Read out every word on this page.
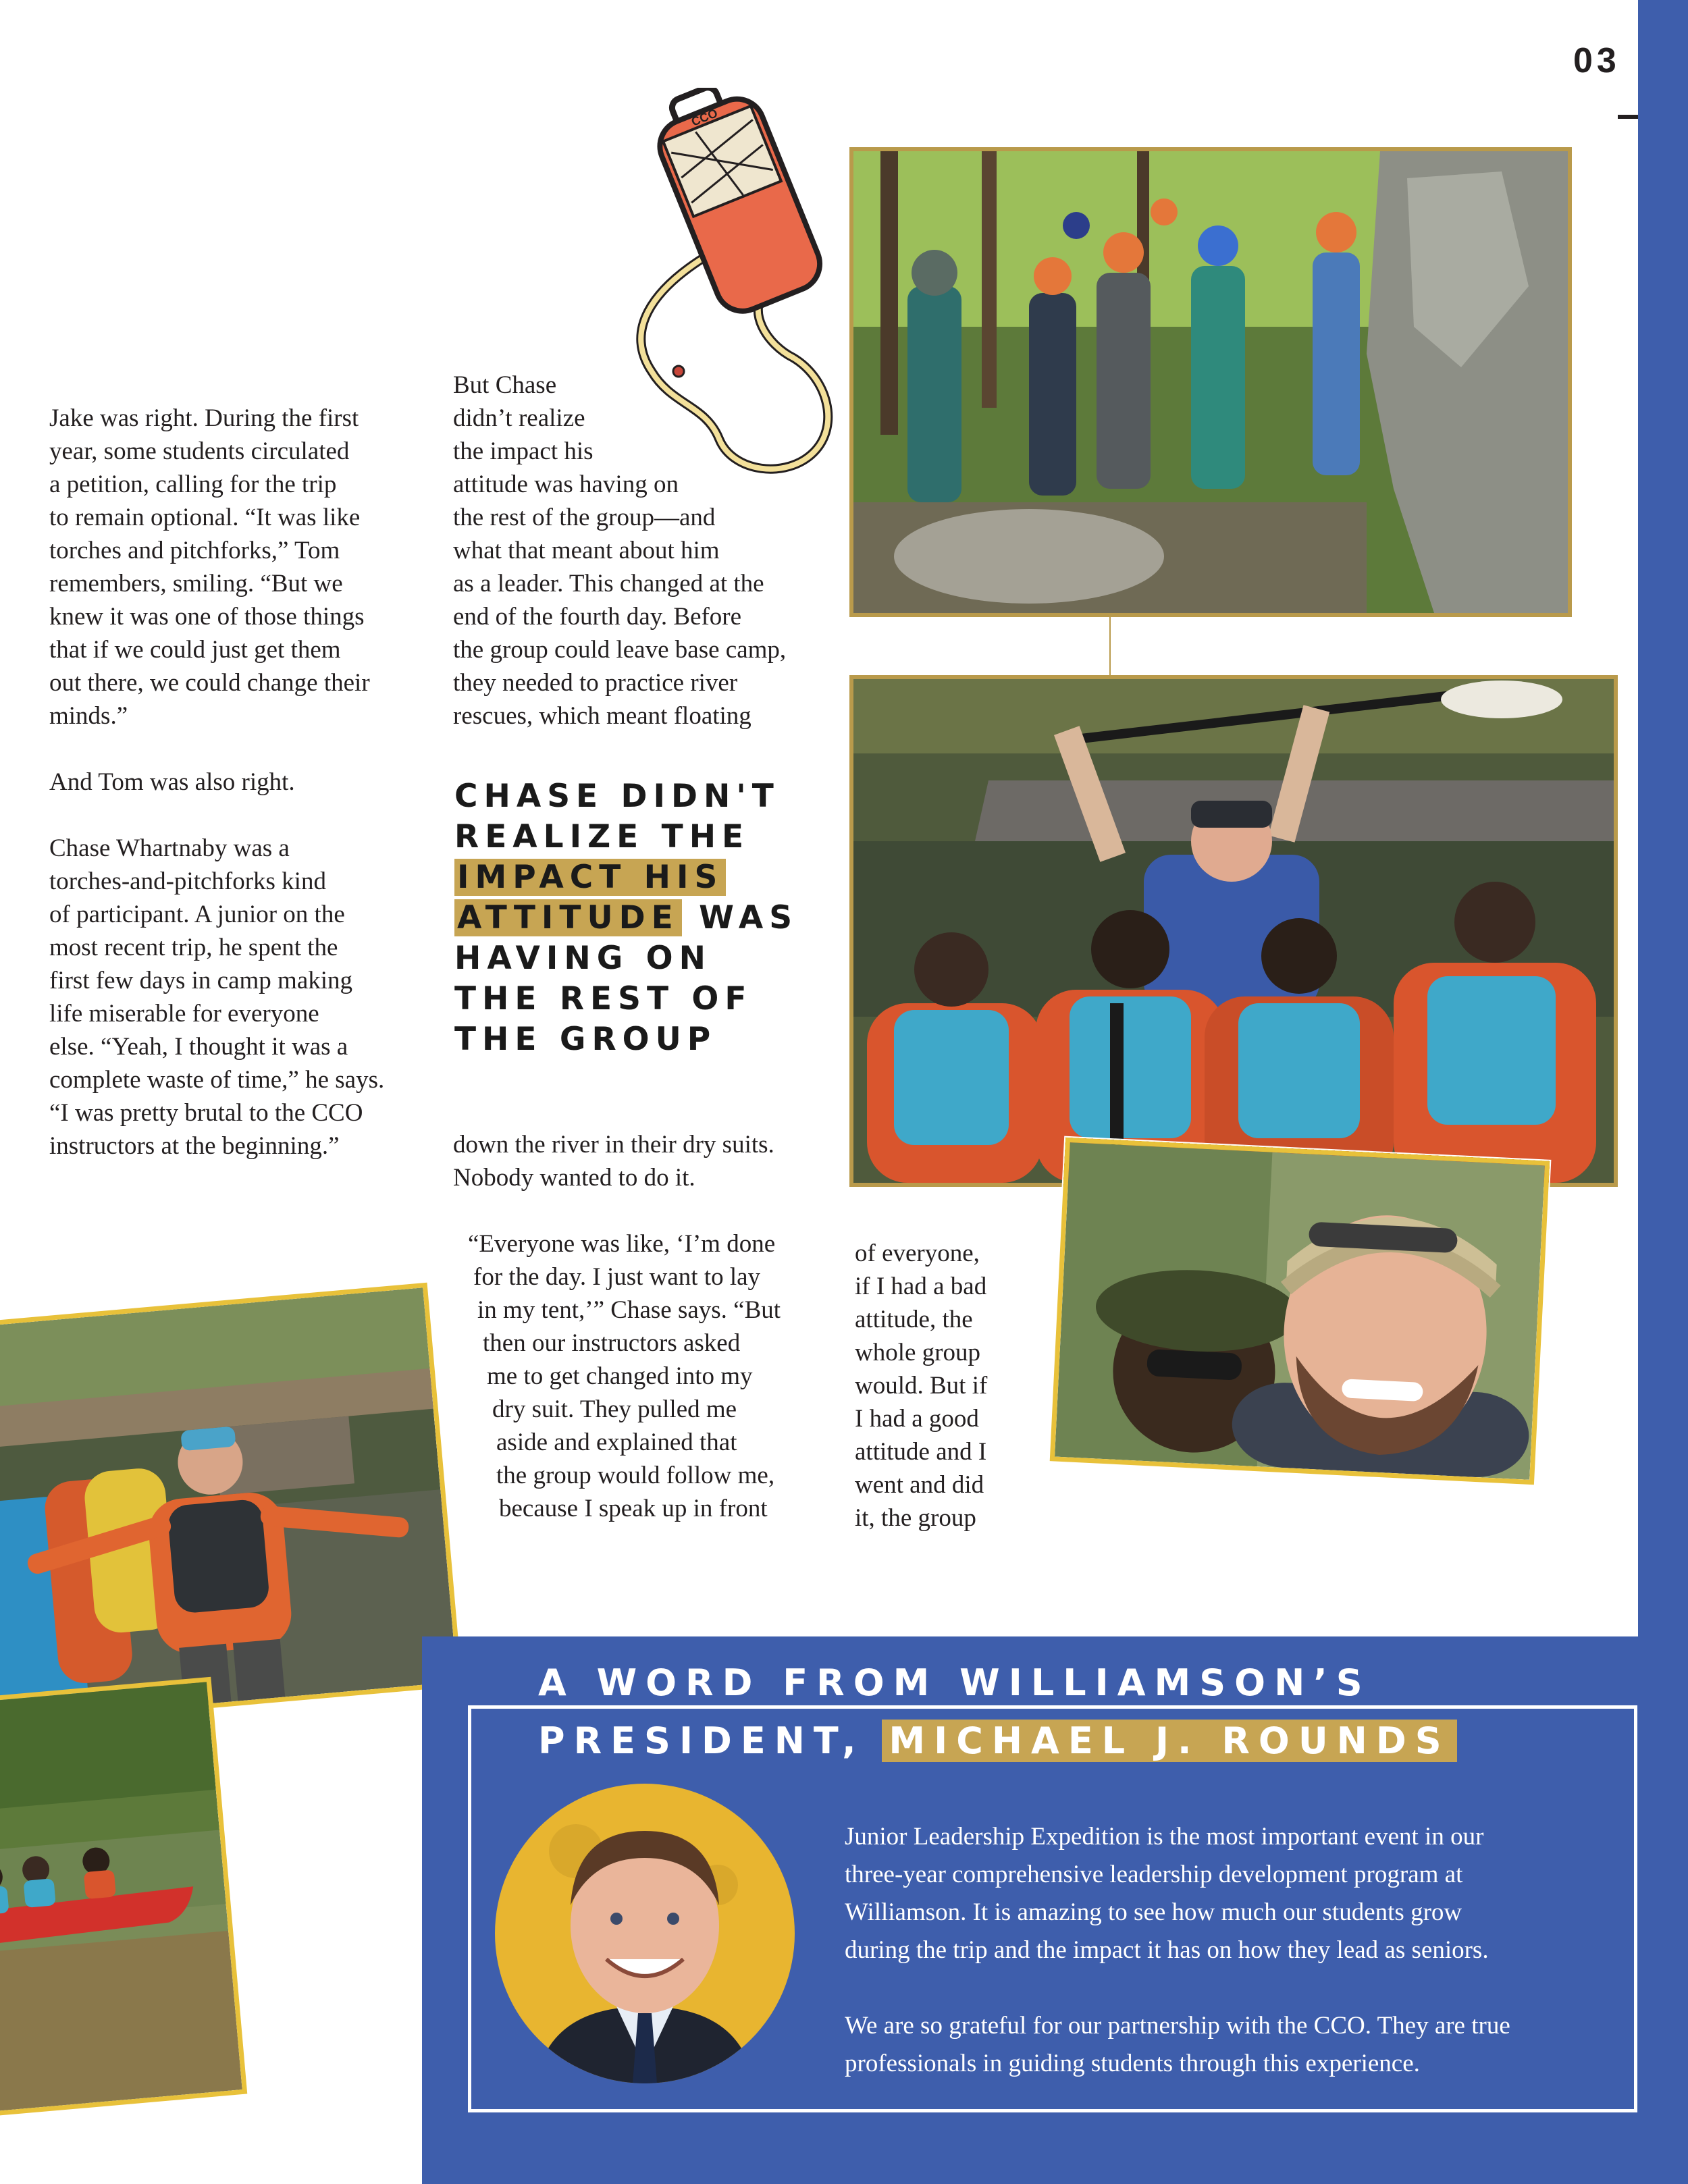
03
CCO
Jake was right. During the first
year, some students circulated
a petition, calling for the trip
to remain optional. “It was like
torches and pitchforks,” Tom
remembers, smiling. “But we
knew it was one of those things
that if we could just get them
out there, we could change their
minds.”
And Tom was also right.
Chase Whartnaby was a
torches-and-pitchforks kind
of participant. A junior on the
most recent trip, he spent the
first few days in camp making
life miserable for everyone
else. “Yeah, I thought it was a
complete waste of time,” he says.
“I was pretty brutal to the CCO
instructors at the beginning.”
But Chase
didn’t realize
the impact his
attitude was having on
the rest of the group—and
what that meant about him
as a leader. This changed at the
end of the fourth day. Before
the group could leave base camp,
they needed to practice river
rescues, which meant floating
CHASE DIDN'T
REALIZE THE
IMPACT HIS
ATTITUDE WAS
HAVING ON
THE REST OF
THE GROUP
down the river in their dry suits.
Nobody wanted to do it.
“Everyone was like, ‘I’m done
for the day. I just want to lay
in my tent,’” Chase says. “But
then our instructors asked
me to get changed into my
dry suit. They pulled me
aside and explained that
the group would follow me,
because I speak up in front
of everyone,
if I had a bad
attitude, the
whole group
would. But if
I had a good
attitude and I
went and did
it, the group
A WORD FROM WILLIAMSON’S
PRESIDENT, MICHAEL J. ROUNDS
Junior Leadership Expedition is the most important event in our
three-year comprehensive leadership development program at
Williamson. It is amazing to see how much our students grow
during the trip and the impact it has on how they lead as seniors.
We are so grateful for our partnership with the CCO. They are true
professionals in guiding students through this experience.
